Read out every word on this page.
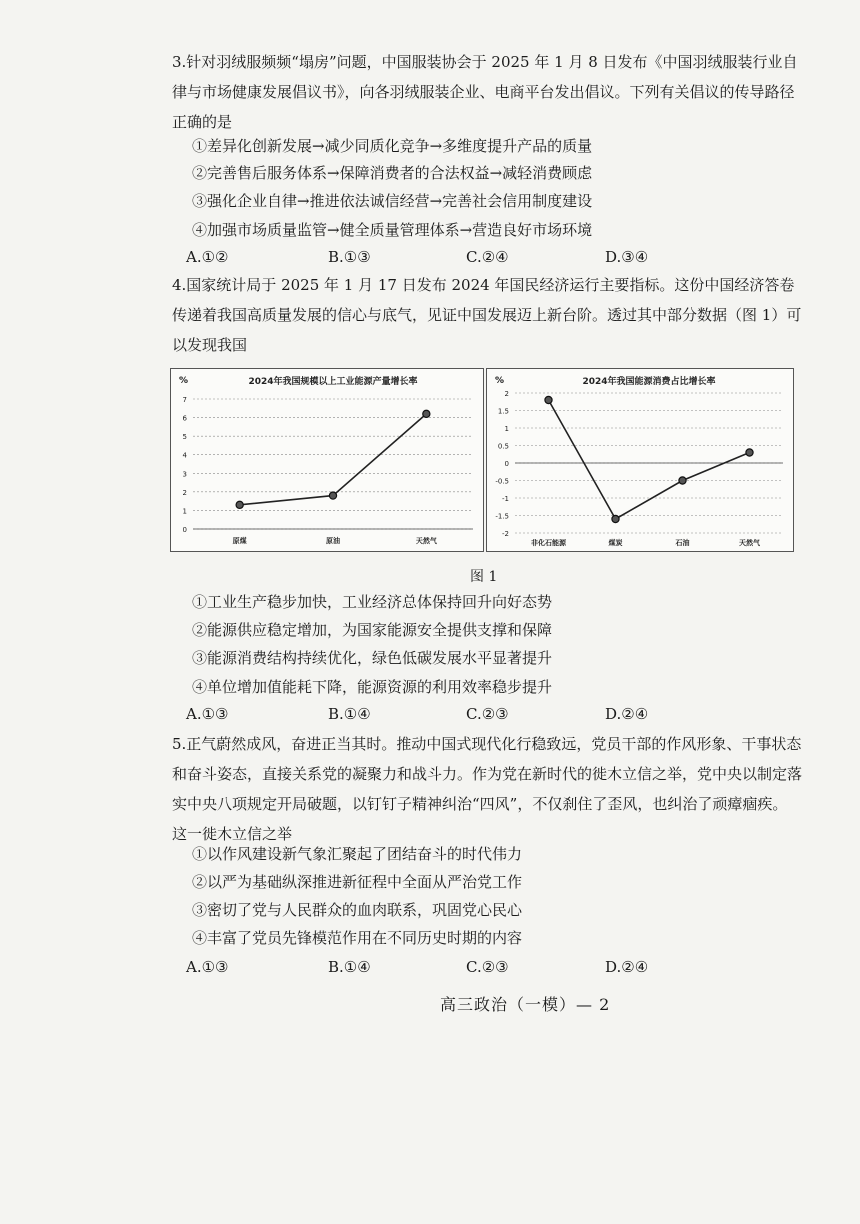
3.针对羽绒服频频“塌房”问题，中国服装协会于 2025 年 1 月 8 日发布《中国羽绒服装行业自律与市场健康发展倡议书》，向各羽绒服装企业、电商平台发出倡议。下列有关倡议的传导路径正确的是

①差异化创新发展→减少同质化竞争→多维度提升产品的质量
②完善售后服务体系→保障消费者的合法权益→减轻消费顾虑
③强化企业自律→推进依法诚信经营→完善社会信用制度建设
④加强市场质量监管→健全质量管理体系→营造良好市场环境
A.①②	B.①③	C.②④	D.③④

4.国家统计局于 2025 年 1 月 17 日发布 2024 年国民经济运行主要指标。这份中国经济答卷传递着我国高质量发展的信心与底气，见证中国发展迈上新台阶。透过其中部分数据（图 1）可以发现我国

%	2024年我国规模以上工业能源产量增长率
0
1
2
3
4
5
6
7
原煤	原油	天然气
%	2024年我国能源消费占比增长率
-2
-1.5
-1
-0.5
0
0.5
1
1.5
2
非化石能源	煤炭	石油	天然气
图 1
①工业生产稳步加快，工业经济总体保持回升向好态势
②能源供应稳定增加，为国家能源安全提供支撑和保障
③能源消费结构持续优化，绿色低碳发展水平显著提升
④单位增加值能耗下降，能源资源的利用效率稳步提升
A.①③	B.①④	C.②③	D.②④

5.正气蔚然成风，奋进正当其时。推动中国式现代化行稳致远，党员干部的作风形象、干事状态和奋斗姿态，直接关系党的凝聚力和战斗力。作为党在新时代的徙木立信之举，党中央以制定落实中央八项规定开局破题，以钉钉子精神纠治“四风”，不仅刹住了歪风，也纠治了顽瘴痼疾。这一徙木立信之举

①以作风建设新气象汇聚起了团结奋斗的时代伟力
②以严为基础纵深推进新征程中全面从严治党工作
③密切了党与人民群众的血肉联系，巩固党心民心
④丰富了党员先锋模范作用在不同历史时期的内容
A.①③	B.①④	C.②③	D.②④
高三政治（一模）— 2
